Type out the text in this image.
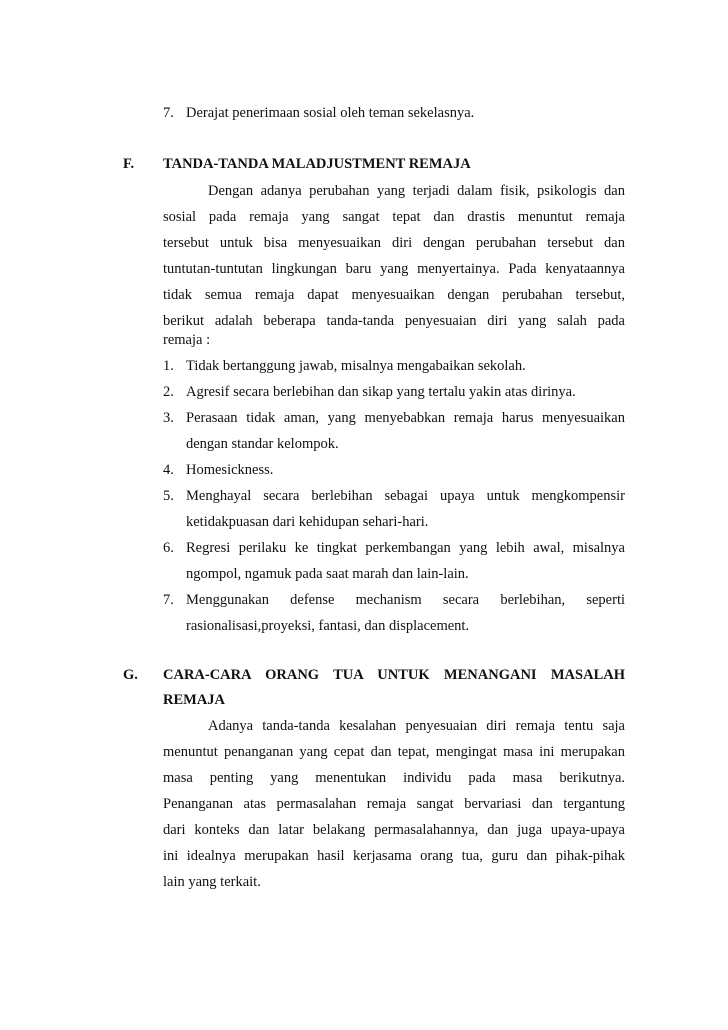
7. Derajat penerimaan sosial oleh teman sekelasnya.
F. TANDA-TANDA MALADJUSTMENT REMAJA
Dengan adanya perubahan yang terjadi dalam fisik, psikologis dan
sosial pada remaja yang sangat tepat dan drastis menuntut remaja
tersebut untuk bisa menyesuaikan diri dengan perubahan tersebut dan
tuntutan-tuntutan lingkungan baru yang menyertainya. Pada kenyataannya
tidak semua remaja dapat menyesuaikan dengan perubahan tersebut,
berikut adalah beberapa tanda-tanda penyesuaian diri yang salah pada
remaja :
1. Tidak bertanggung jawab, misalnya mengabaikan sekolah.
2. Agresif secara berlebihan dan sikap yang tertalu yakin atas dirinya.
3. Perasaan tidak aman, yang menyebabkan remaja harus menyesuaikan
dengan standar kelompok.
4. Homesickness.
5. Menghayal secara berlebihan sebagai upaya untuk mengkompensir
ketidakpuasan dari kehidupan sehari-hari.
6. Regresi perilaku ke tingkat perkembangan yang lebih awal, misalnya
ngompol, ngamuk pada saat marah dan lain-lain.
7. Menggunakan defense mechanism secara berlebihan, seperti
rasionalisasi,proyeksi, fantasi, dan displacement.
G. CARA-CARA ORANG TUA UNTUK MENANGANI MASALAH
REMAJA
Adanya tanda-tanda kesalahan penyesuaian diri remaja tentu saja
menuntut penanganan yang cepat dan tepat, mengingat masa ini merupakan
masa penting yang menentukan individu pada masa berikutnya.
Penanganan atas permasalahan remaja sangat bervariasi dan tergantung
dari konteks dan latar belakang permasalahannya, dan juga upaya-upaya
ini idealnya merupakan hasil kerjasama orang tua, guru dan pihak-pihak
lain yang terkait.
